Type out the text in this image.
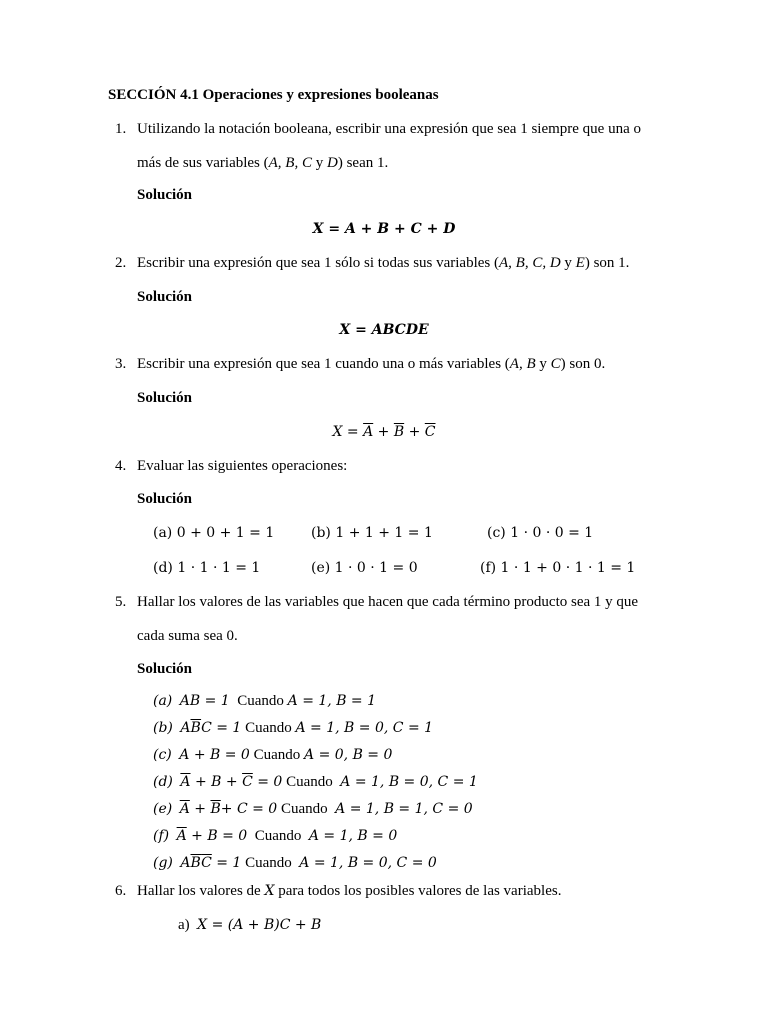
SECCIÓN 4.1 Operaciones y expresiones booleanas
1. Utilizando la notación booleana, escribir una expresión que sea 1 siempre que una o
más de sus variables (A, B, C y D) sean 1.
Solución
X = A + B + C + D
2. Escribir una expresión que sea 1 sólo si todas sus variables (A, B, C, D y E) son 1.
Solución
X = ABCDE
3. Escribir una expresión que sea 1 cuando una o más variables (A, B y C) son 0.
Solución
$X = \overline{A} + \overline{B} + \overline{C}$
4. Evaluar las siguientes operaciones:
Solución
(a) 0 + 0 + 1 = 1	(b) 1 + 1 + 1 = 1	(c) 1 · 0 · 0 = 1
(d) 1 · 1 · 1 = 1	(e) 1 · 0 · 1 = 0	(f) 1 · 1 + 0 · 1 · 1 = 1
5. Hallar los valores de las variables que hacen que cada término producto sea 1 y que
cada suma sea 0.
Solución
(a) AB = 1 Cuando A = 1, B = 1
(b) $A\overline{B}C = 1$ Cuando A = 1, B = 0, C = 1
(c) A + B = 0 Cuando A = 0, B = 0
(d) $\overline{A} + B + \overline{C} = 0$ Cuando A = 1, B = 0, C = 1
(e) $\overline{A} + \overline{B}+ C = 0$ Cuando A = 1, B = 1, C = 0
(f) $\overline{A} + B = 0$ Cuando A = 1, B = 0
(g) $A\overline{B}\overline{C} = 1$ Cuando A = 1, B = 0, C = 0
6. Hallar los valores de X para todos los posibles valores de las variables.
a) X = (A + B)C + B
